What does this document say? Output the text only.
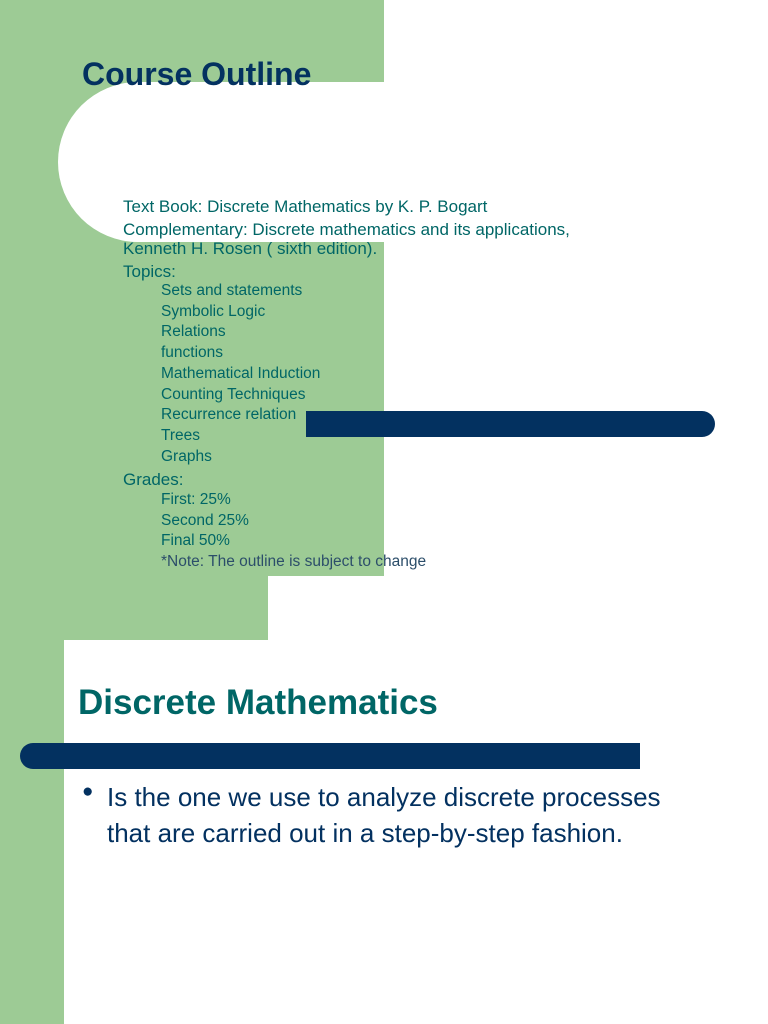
Course Outline
Text Book: Discrete Mathematics by K. P. Bogart
Complementary: Discrete mathematics and its applications,
Kenneth H. Rosen ( sixth edition).
Topics:
Sets and statements
Symbolic Logic
Relations
functions
Mathematical Induction
Counting Techniques
Recurrence relation
Trees
Graphs
Grades:
First: 25%
Second 25%
Final 50%
*Note: The outline is subject to change
Discrete Mathematics
● Is the one we use to analyze discrete processes that are carried out in a step-by-step fashion.
